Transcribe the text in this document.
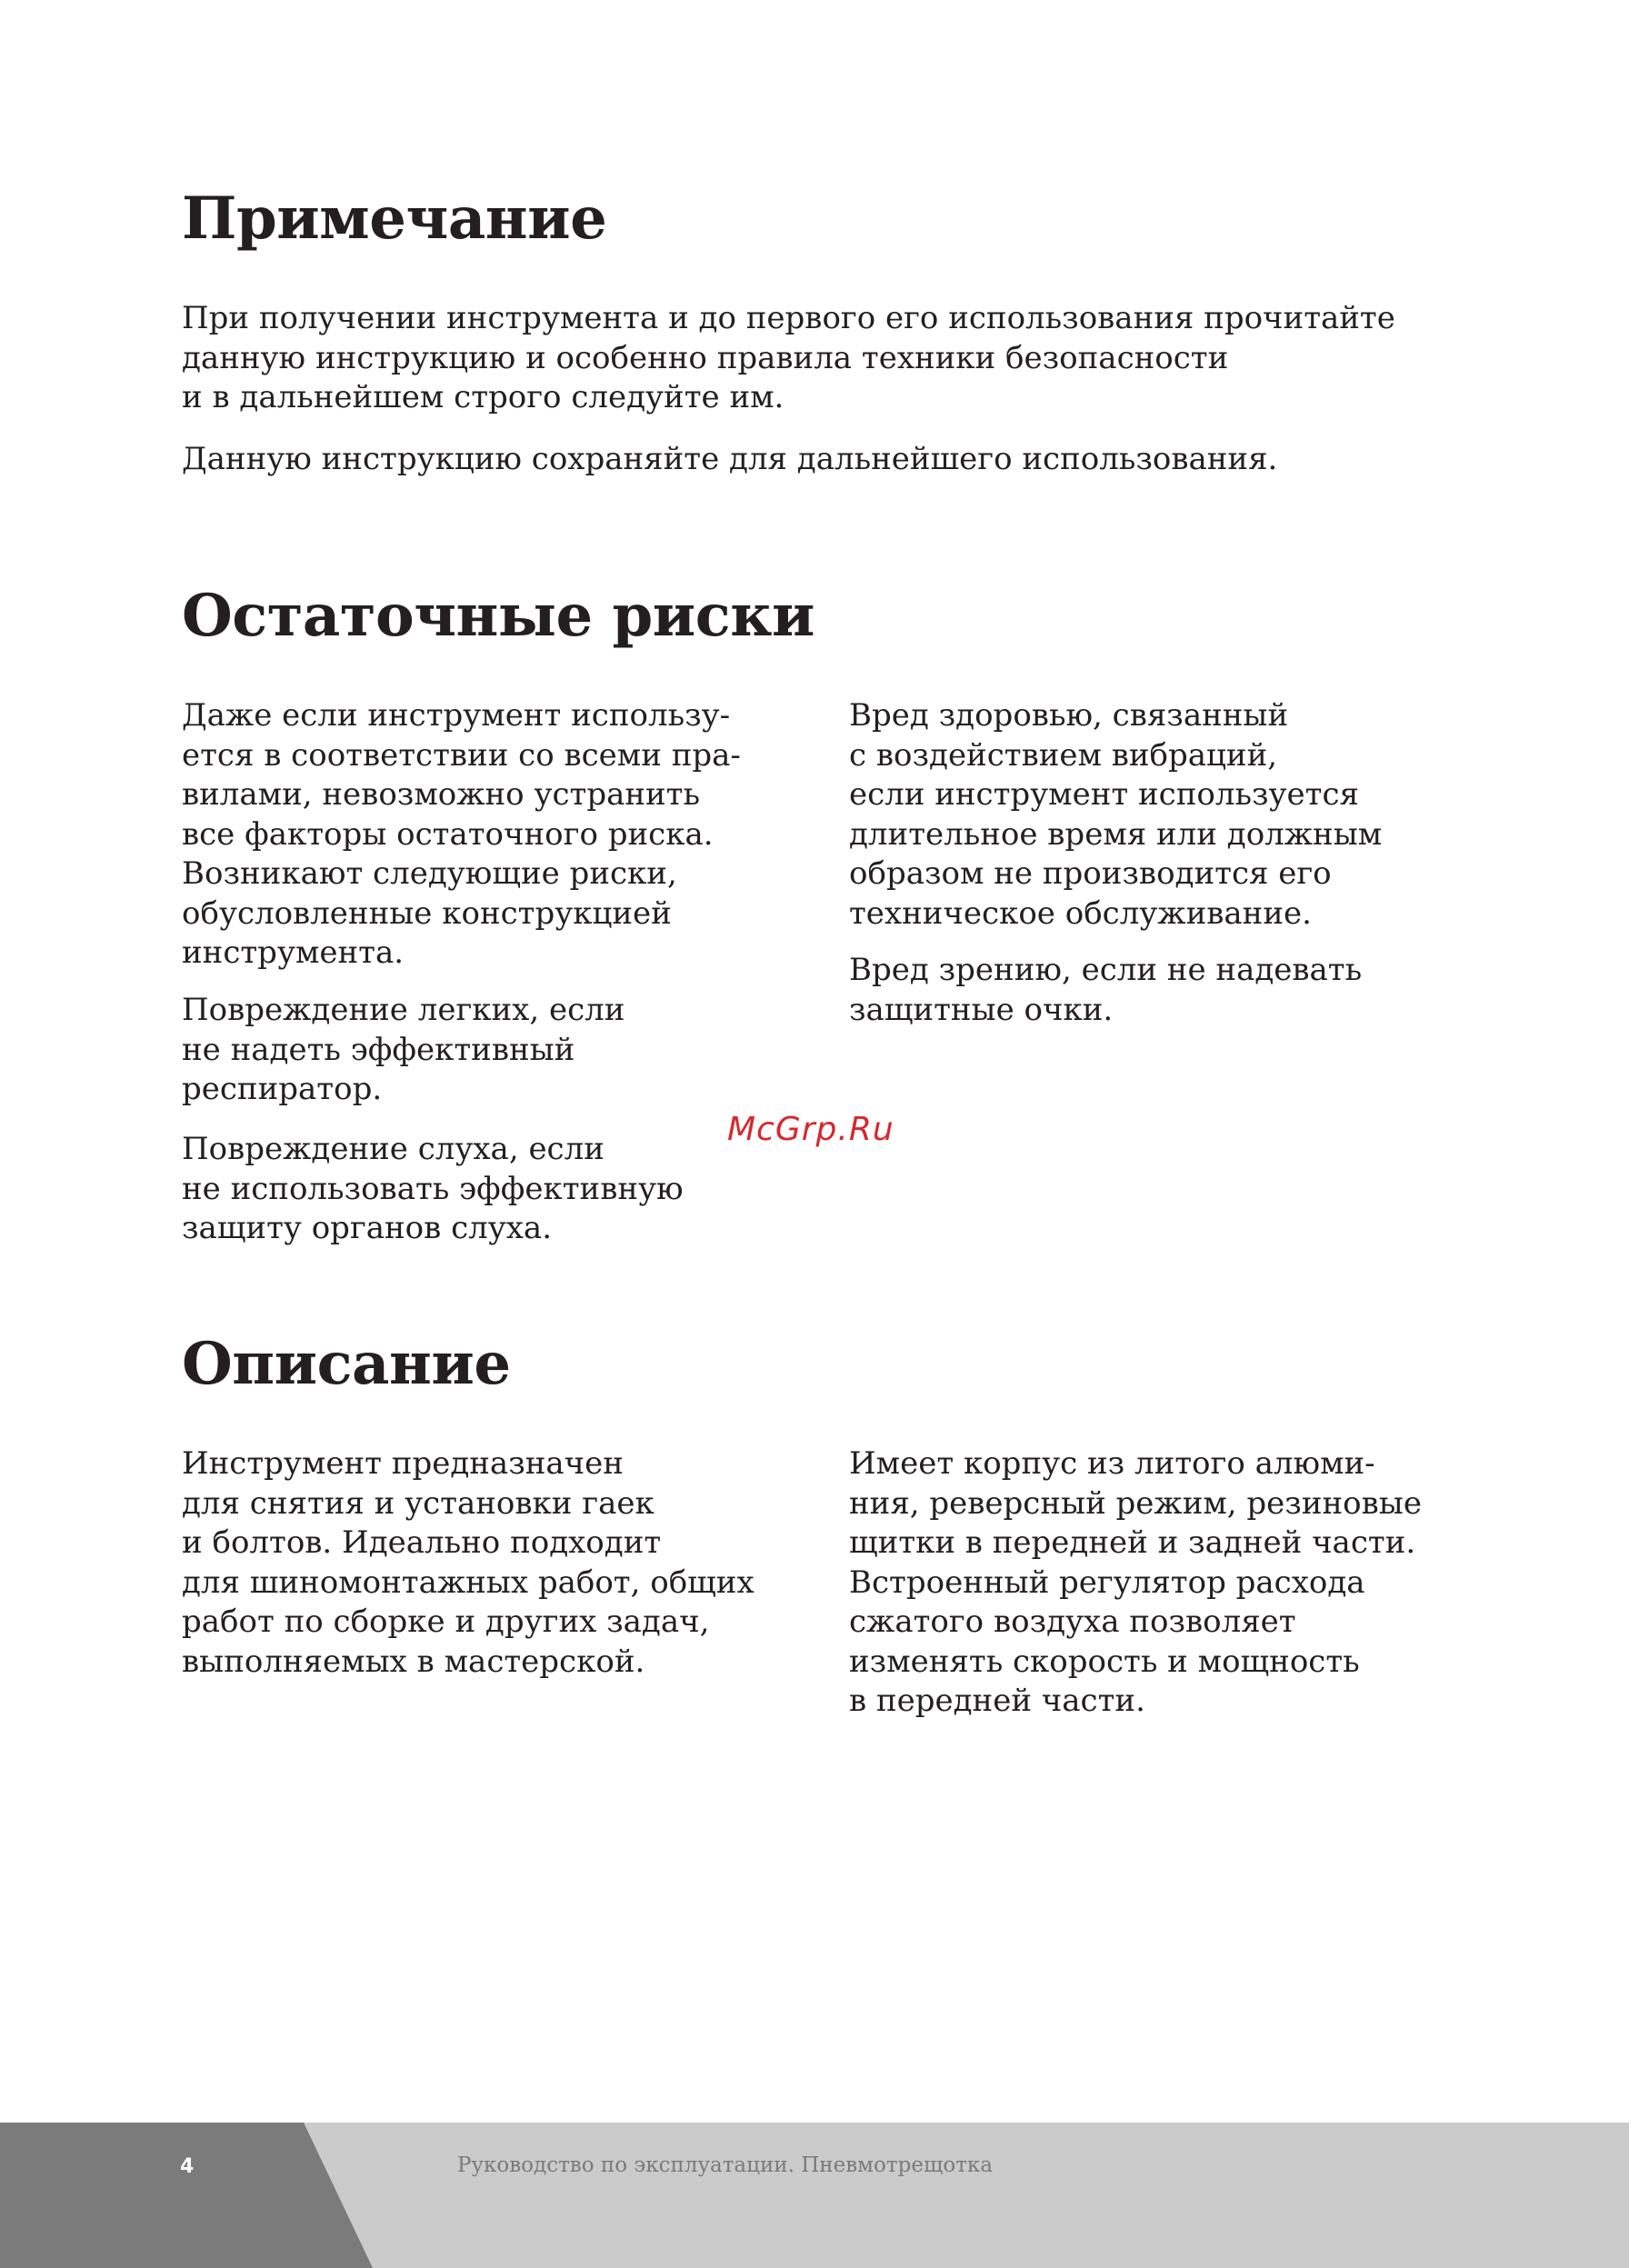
Примечание

При получении инструмента и до первого его использования прочитайте
данную инструкцию и особенно правила техники безопасности
и в дальнейшем строго следуйте им.

Данную инструкцию сохраняйте для дальнейшего использования.

Остаточные риски

Даже если инструмент использу-
ется в соответствии со всеми пра-
вилами, невозможно устранить
все факторы остаточного риска.
Возникают следующие риски,
обусловленные конструкцией
инструмента.

Повреждение легких, если
не надеть эффективный
респиратор.

Повреждение слуха, если
не использовать эффективную
защиту органов слуха.

Вред здоровью, связанный
с воздействием вибраций,
если инструмент используется
длительное время или должным
образом не производится его
техническое обслуживание.

Вред зрению, если не надевать
защитные очки.

McGrp.Ru
Описание

Инструмент предназначен
для снятия и установки гаек
и болтов. Идеально подходит
для шиномонтажных работ, общих
работ по сборке и других задач,
выполняемых в мастерской.

Имеет корпус из литого алюми-
ния, реверсный режим, резиновые
щитки в передней и задней части.
Встроенный регулятор расхода
сжатого воздуха позволяет
изменять скорость и мощность
в передней части.

4	Руководство по эксплуатации. Пневмотрещотка
